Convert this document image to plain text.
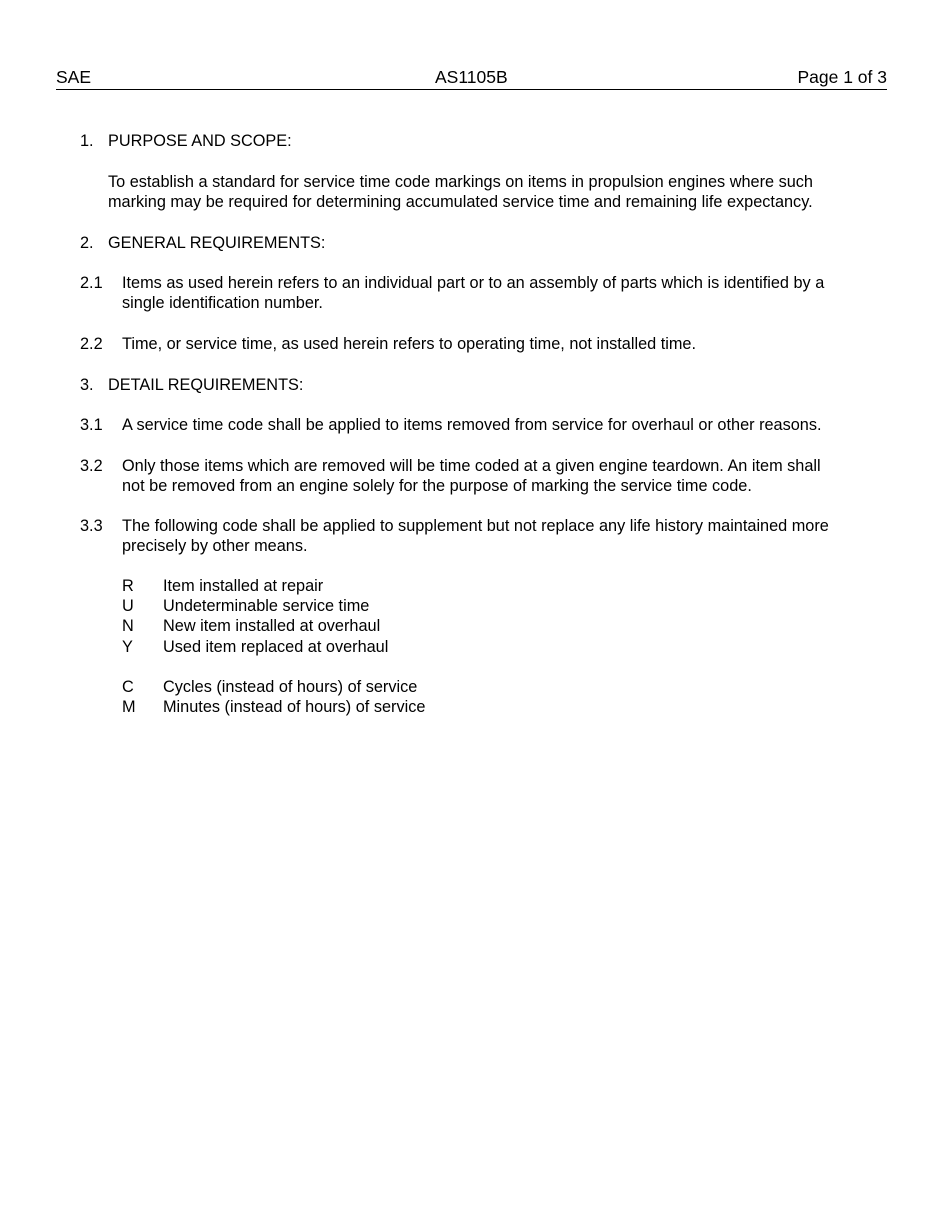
SAE	AS1105B	Page 1 of 3
1. PURPOSE AND SCOPE:
To establish a standard for service time code markings on items in propulsion engines where such
marking may be required for determining accumulated service time and remaining life expectancy.
2. GENERAL REQUIREMENTS:
2.1 Items as used herein refers to an individual part or to an assembly of parts which is identified by a
single identification number.
2.2 Time, or service time, as used herein refers to operating time, not installed time.
3. DETAIL REQUIREMENTS:
3.1 A service time code shall be applied to items removed from service for overhaul or other reasons.
3.2 Only those items which are removed will be time coded at a given engine teardown. An item shall
not be removed from an engine solely for the purpose of marking the service time code.
3.3 The following code shall be applied to supplement but not replace any life history maintained more
precisely by other means.
R Item installed at repair
U Undeterminable service time
N New item installed at overhaul
Y Used item replaced at overhaul
C Cycles (instead of hours) of service
M Minutes (instead of hours) of service
